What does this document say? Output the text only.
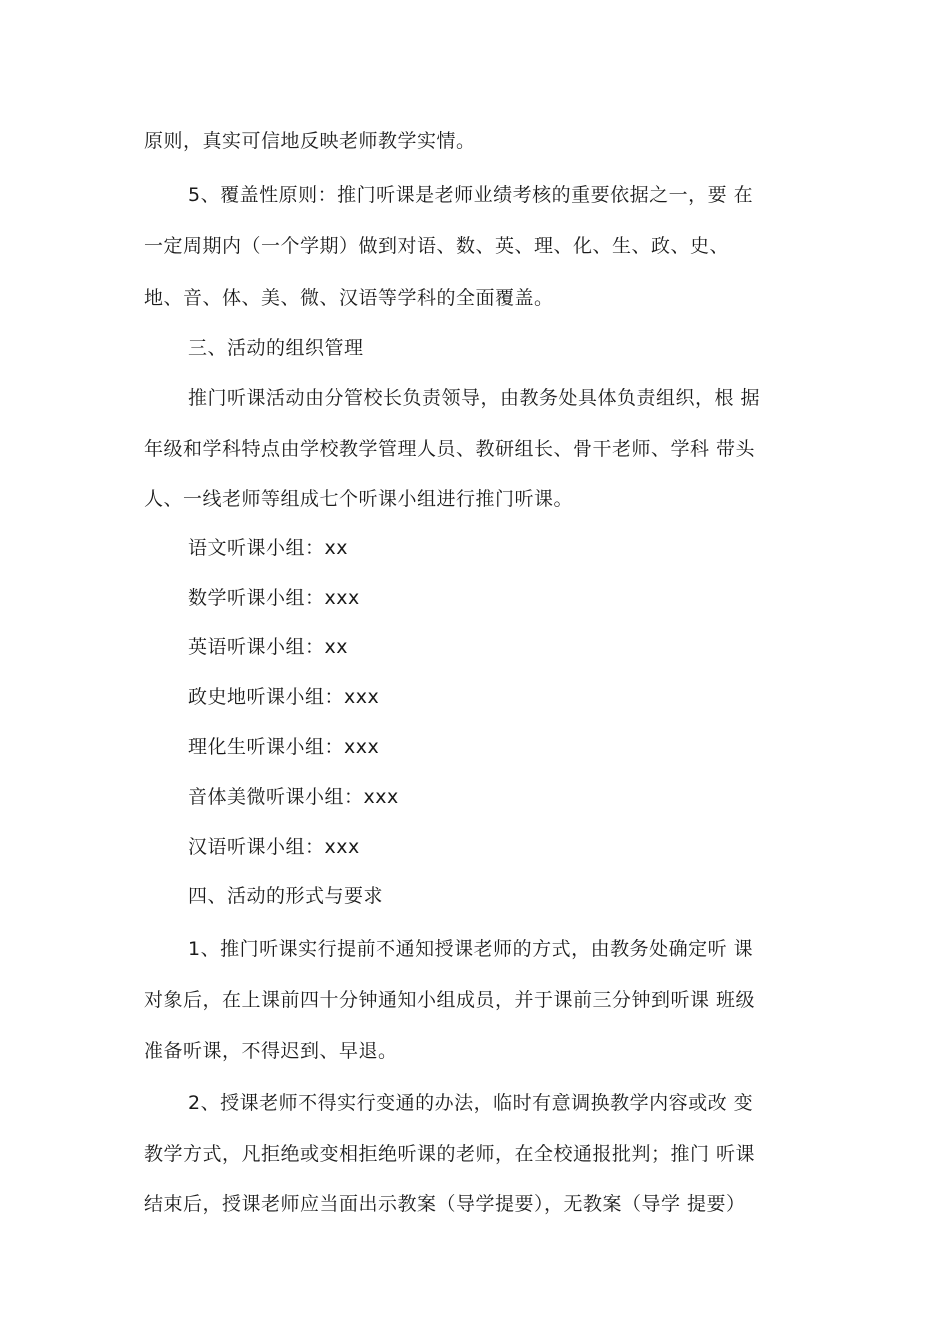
原则，真实可信地反映老师教学实情。
5、覆盖性原则：推门听课是老师业绩考核的重要依据之一，要 在
一定周期内（一个学期）做到对语、数、英、理、化、生、政、史、
地、音、体、美、微、汉语等学科的全面覆盖。
三、活动的组织管理
推门听课活动由分管校长负责领导，由教务处具体负责组织，根 据
年级和学科特点由学校教学管理人员、教研组长、骨干老师、学科 带头
人、一线老师等组成七个听课小组进行推门听课。
语文听课小组：xx
数学听课小组：xxx
英语听课小组：xx
政史地听课小组：xxx
理化生听课小组：xxx
音体美微听课小组：xxx
汉语听课小组：xxx
四、活动的形式与要求
1、推门听课实行提前不通知授课老师的方式，由教务处确定听 课
对象后，在上课前四十分钟通知小组成员，并于课前三分钟到听课 班级
准备听课，不得迟到、早退。
2、授课老师不得实行变通的办法，临时有意调换教学内容或改 变
教学方式，凡拒绝或变相拒绝听课的老师，在全校通报批判；推门 听课
结束后，授课老师应当面出示教案（导学提要），无教案（导学 提要）
